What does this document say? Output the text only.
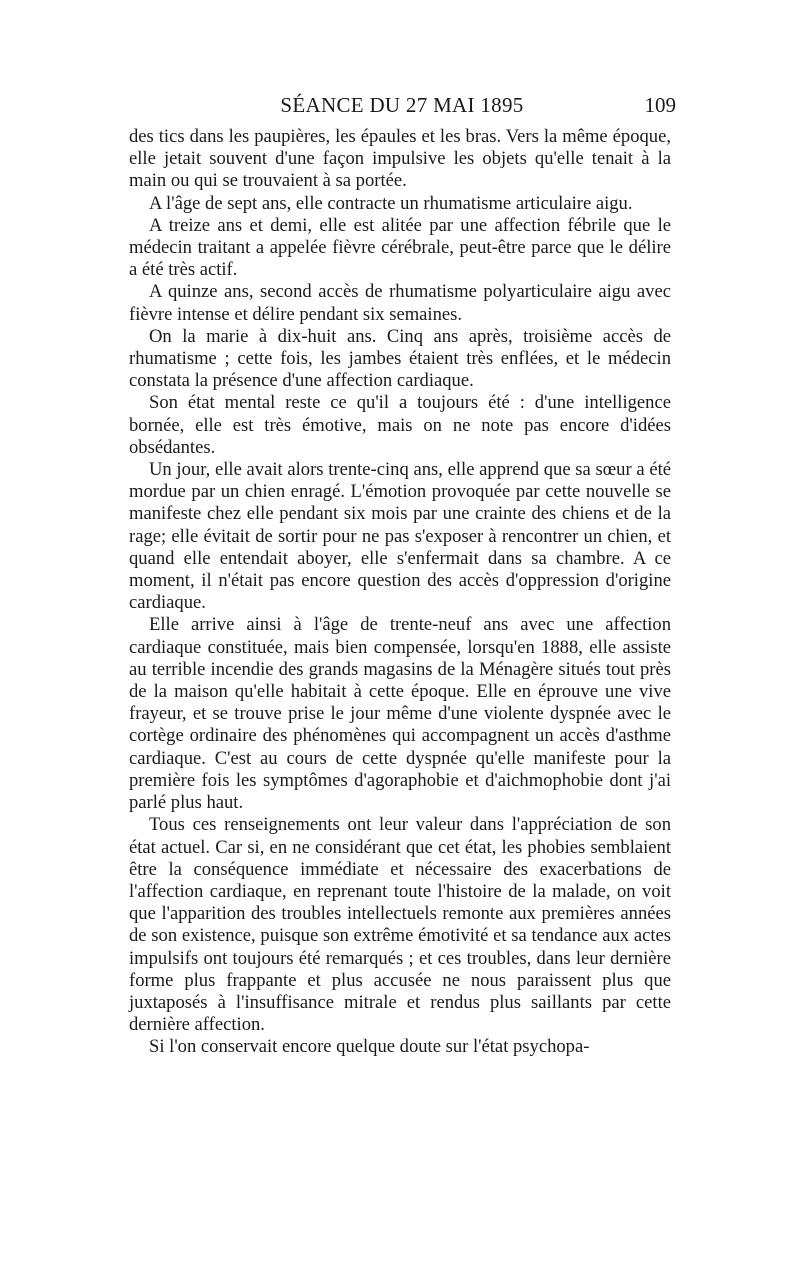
SÉANCE DU 27 MAI 1895	109

des tics dans les paupières, les épaules et les bras. Vers la même époque, elle jetait souvent d'une façon impulsive les objets qu'elle tenait à la main ou qui se trouvaient à sa portée.

A l'âge de sept ans, elle contracte un rhumatisme articulaire aigu.

A treize ans et demi, elle est alitée par une affection fébrile que le médecin traitant a appelée fièvre cérébrale, peut-être parce que le délire a été très actif.

A quinze ans, second accès de rhumatisme polyarticulaire aigu avec fièvre intense et délire pendant six semaines.

On la marie à dix-huit ans. Cinq ans après, troisième accès de rhumatisme ; cette fois, les jambes étaient très enflées, et le médecin constata la présence d'une affection cardiaque.

Son état mental reste ce qu'il a toujours été : d'une intelligence bornée, elle est très émotive, mais on ne note pas encore d'idées obsédantes.

Un jour, elle avait alors trente-cinq ans, elle apprend que sa sœur a été mordue par un chien enragé. L'émotion provoquée par cette nouvelle se manifeste chez elle pendant six mois par une crainte des chiens et de la rage; elle évitait de sortir pour ne pas s'exposer à rencontrer un chien, et quand elle entendait aboyer, elle s'enfermait dans sa chambre. A ce moment, il n'était pas encore question des accès d'oppression d'origine cardiaque.

Elle arrive ainsi à l'âge de trente-neuf ans avec une affection cardiaque constituée, mais bien compensée, lorsqu'en 1888, elle assiste au terrible incendie des grands magasins de la Ménagère situés tout près de la maison qu'elle habitait à cette époque. Elle en éprouve une vive frayeur, et se trouve prise le jour même d'une violente dyspnée avec le cortège ordinaire des phénomènes qui accompagnent un accès d'asthme cardiaque. C'est au cours de cette dyspnée qu'elle manifeste pour la première fois les symptômes d'agoraphobie et d'aichmophobie dont j'ai parlé plus haut.

Tous ces renseignements ont leur valeur dans l'appréciation de son état actuel. Car si, en ne considérant que cet état, les phobies semblaient être la conséquence immédiate et nécessaire des exacerbations de l'affection cardiaque, en reprenant toute l'histoire de la malade, on voit que l'apparition des troubles intellectuels remonte aux premières années de son existence, puisque son extrême émotivité et sa tendance aux actes impulsifs ont toujours été remarqués ; et ces troubles, dans leur dernière forme plus frappante et plus accusée ne nous paraissent plus que juxtaposés à l'insuffisance mitrale et rendus plus saillants par cette dernière affection.

Si l'on conservait encore quelque doute sur l'état psychopa-
